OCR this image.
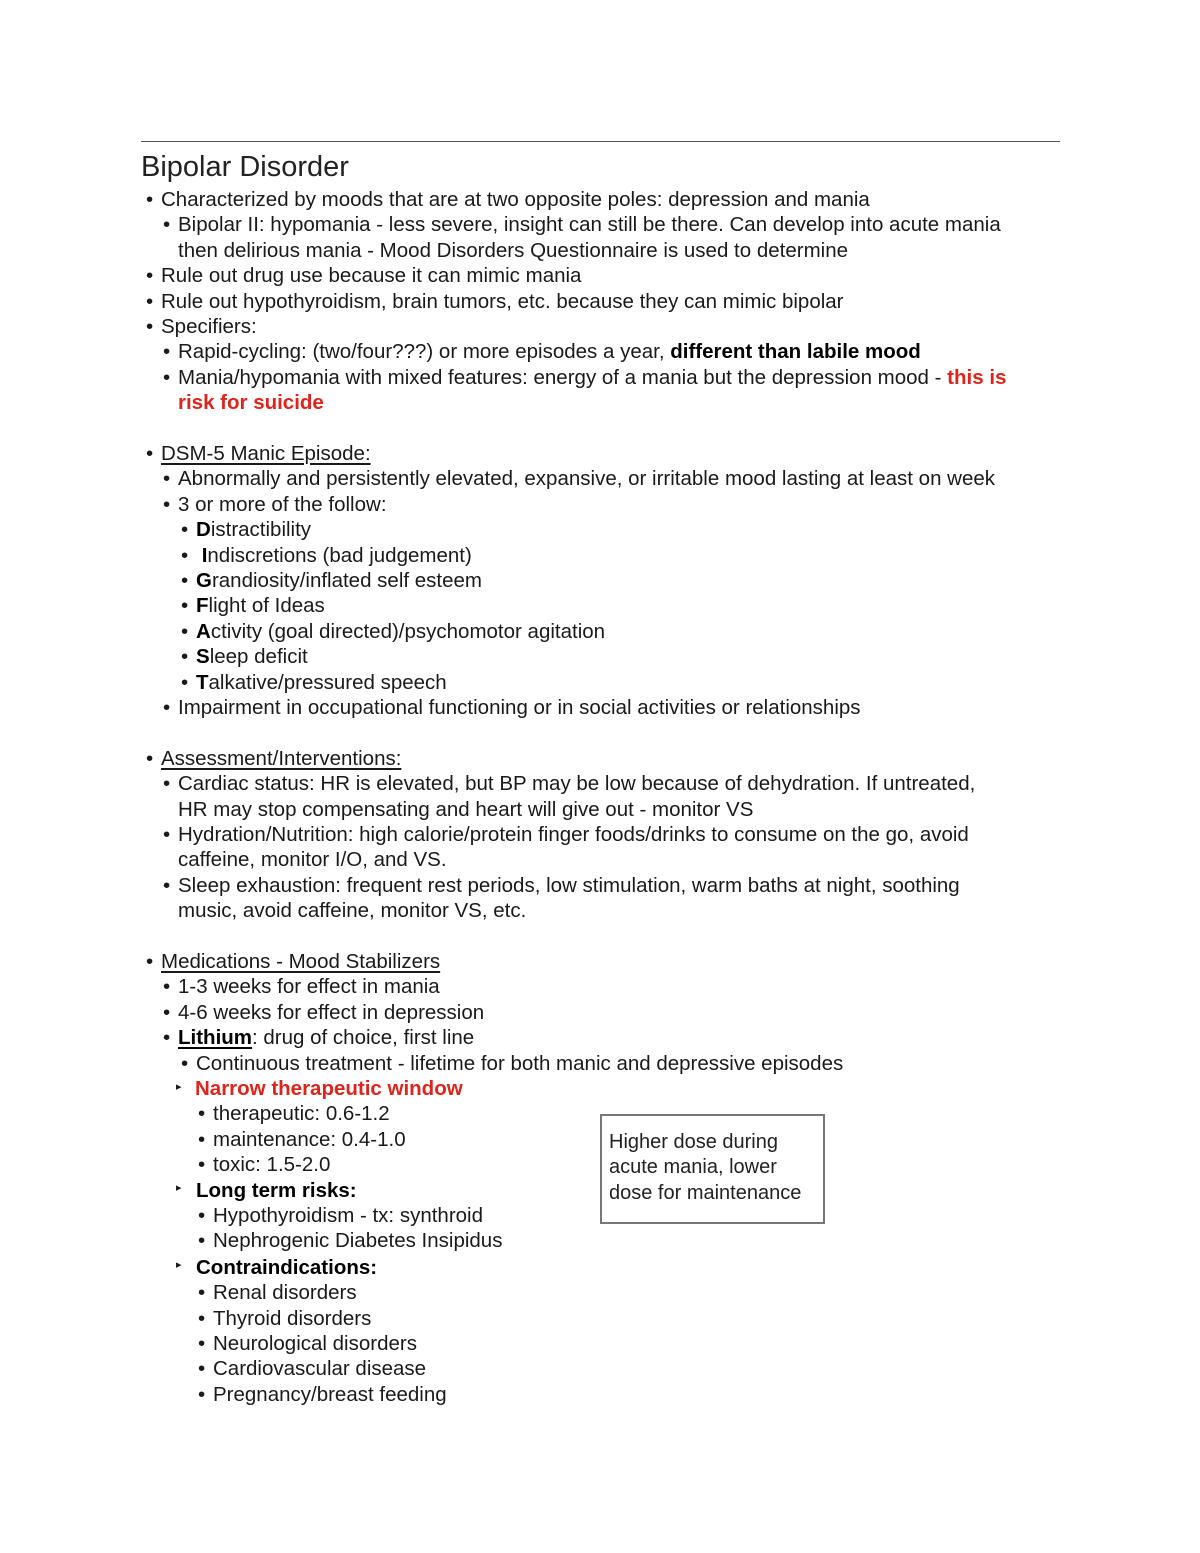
Bipolar Disorder
•
Characterized by moods that are at two opposite poles: depression and mania
•
Bipolar II: hypomania - less severe, insight can still be there. Can develop into acute mania
then delirious mania - Mood Disorders Questionnaire is used to determine
•
Rule out drug use because it can mimic mania
•
Rule out hypothyroidism, brain tumors, etc. because they can mimic bipolar
•
Specifiers:
•
Rapid-cycling: (two/four???) or more episodes a year, different than labile mood
•
Mania/hypomania with mixed features: energy of a mania but the depression mood - this is
risk for suicide
•
DSM-5 Manic Episode:
•
Abnormally and persistently elevated, expansive, or irritable mood lasting at least on week
•
3 or more of the follow:
•
Distractibility
•
Indiscretions (bad judgement)
•
Grandiosity/inflated self esteem
•
Flight of Ideas
•
Activity (goal directed)/psychomotor agitation
•
Sleep deficit
•
Talkative/pressured speech
•
Impairment in occupational functioning or in social activities or relationships
•
Assessment/Interventions:
•
Cardiac status: HR is elevated, but BP may be low because of dehydration. If untreated,
HR may stop compensating and heart will give out - monitor VS
•
Hydration/Nutrition: high calorie/protein finger foods/drinks to consume on the go, avoid
caffeine, monitor I/O, and VS.
•
Sleep exhaustion: frequent rest periods, low stimulation, warm baths at night, soothing
music, avoid caffeine, monitor VS, etc.
•
Medications - Mood Stabilizers
•
1-3 weeks for effect in mania
•
4-6 weeks for effect in depression
•
Lithium: drug of choice, first line
•
Continuous treatment - lifetime for both manic and depressive episodes
▸
Narrow therapeutic window
•
therapeutic: 0.6-1.2
•
maintenance: 0.4-1.0
•
toxic: 1.5-2.0
▸
Long term risks:
•
Hypothyroidism - tx: synthroid
•
Nephrogenic Diabetes Insipidus
▸
Contraindications:
•
Renal disorders
•
Thyroid disorders
•
Neurological disorders
•
Cardiovascular disease
•
Pregnancy/breast feeding
Higher dose during
acute mania, lower
dose for maintenance
